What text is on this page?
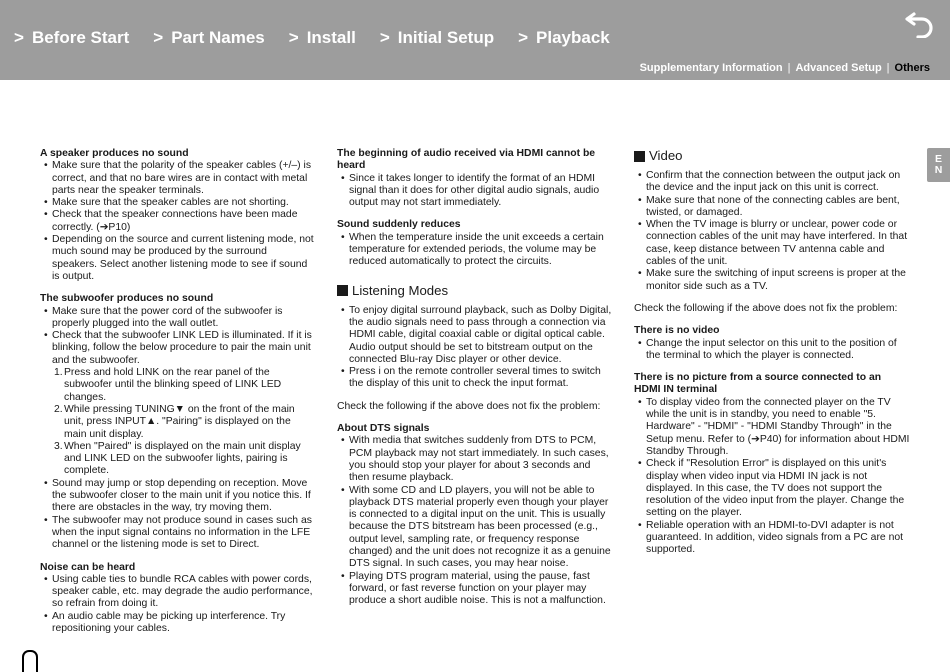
> Before Start > Part Names > Install > Initial Setup > Playback
Supplementary Information | Advanced Setup | Others
E
N
A speaker produces no sound
• Make sure that the polarity of the speaker cables (+/–) is correct, and that no bare wires are in contact with metal parts near the speaker terminals.
• Make sure that the speaker cables are not shorting.
• Check that the speaker connections have been made correctly. (➔P10)
• Depending on the source and current listening mode, not much sound may be produced by the surround speakers. Select another listening mode to see if sound is output.
The subwoofer produces no sound
• Make sure that the power cord of the subwoofer is properly plugged into the wall outlet.
• Check that the subwoofer LINK LED is illuminated. If it is blinking, follow the below procedure to pair the main unit and the subwoofer.
1. Press and hold LINK on the rear panel of the subwoofer until the blinking speed of LINK LED changes.
2. While pressing TUNING▼ on the front of the main unit, press INPUT▲. "Pairing" is displayed on the main unit display.
3. When "Paired" is displayed on the main unit display and LINK LED on the subwoofer lights, pairing is complete.
• Sound may jump or stop depending on reception. Move the subwoofer closer to the main unit if you notice this. If there are obstacles in the way, try moving them.
• The subwoofer may not produce sound in cases such as when the input signal contains no information in the LFE channel or the listening mode is set to Direct.
Noise can be heard
• Using cable ties to bundle RCA cables with power cords, speaker cable, etc. may degrade the audio performance, so refrain from doing it.
• An audio cable may be picking up interference. Try repositioning your cables.
The beginning of audio received via HDMI cannot be heard
• Since it takes longer to identify the format of an HDMI signal than it does for other digital audio signals, audio output may not start immediately.
Sound suddenly reduces
• When the temperature inside the unit exceeds a certain temperature for extended periods, the volume may be reduced automatically to protect the circuits.
Listening Modes
• To enjoy digital surround playback, such as Dolby Digital, the audio signals need to pass through a connection via HDMI cable, digital coaxial cable or digital optical cable. Audio output should be set to bitstream output on the connected Blu-ray Disc player or other device.
• Press i on the remote controller several times to switch the display of this unit to check the input format.
Check the following if the above does not fix the problem:
About DTS signals
• With media that switches suddenly from DTS to PCM, PCM playback may not start immediately. In such cases, you should stop your player for about 3 seconds and then resume playback.
• With some CD and LD players, you will not be able to playback DTS material properly even though your player is connected to a digital input on the unit. This is usually because the DTS bitstream has been processed (e.g., output level, sampling rate, or frequency response changed) and the unit does not recognize it as a genuine DTS signal. In such cases, you may hear noise.
• Playing DTS program material, using the pause, fast forward, or fast reverse function on your player may produce a short audible noise. This is not a malfunction.
Video
• Confirm that the connection between the output jack on the device and the input jack on this unit is correct.
• Make sure that none of the connecting cables are bent, twisted, or damaged.
• When the TV image is blurry or unclear, power code or connection cables of the unit may have interfered. In that case, keep distance between TV antenna cable and cables of the unit.
• Make sure the switching of input screens is proper at the monitor side such as a TV.
Check the following if the above does not fix the problem:
There is no video
• Change the input selector on this unit to the position of the terminal to which the player is connected.
There is no picture from a source connected to an HDMI IN terminal
• To display video from the connected player on the TV while the unit is in standby, you need to enable "5. Hardware" - "HDMI" - "HDMI Standby Through" in the Setup menu. Refer to (➔P40) for information about HDMI Standby Through.
• Check if "Resolution Error" is displayed on this unit's display when video input via HDMI IN jack is not displayed. In this case, the TV does not support the resolution of the video input from the player. Change the setting on the player.
• Reliable operation with an HDMI-to-DVI adapter is not guaranteed. In addition, video signals from a PC are not supported.
